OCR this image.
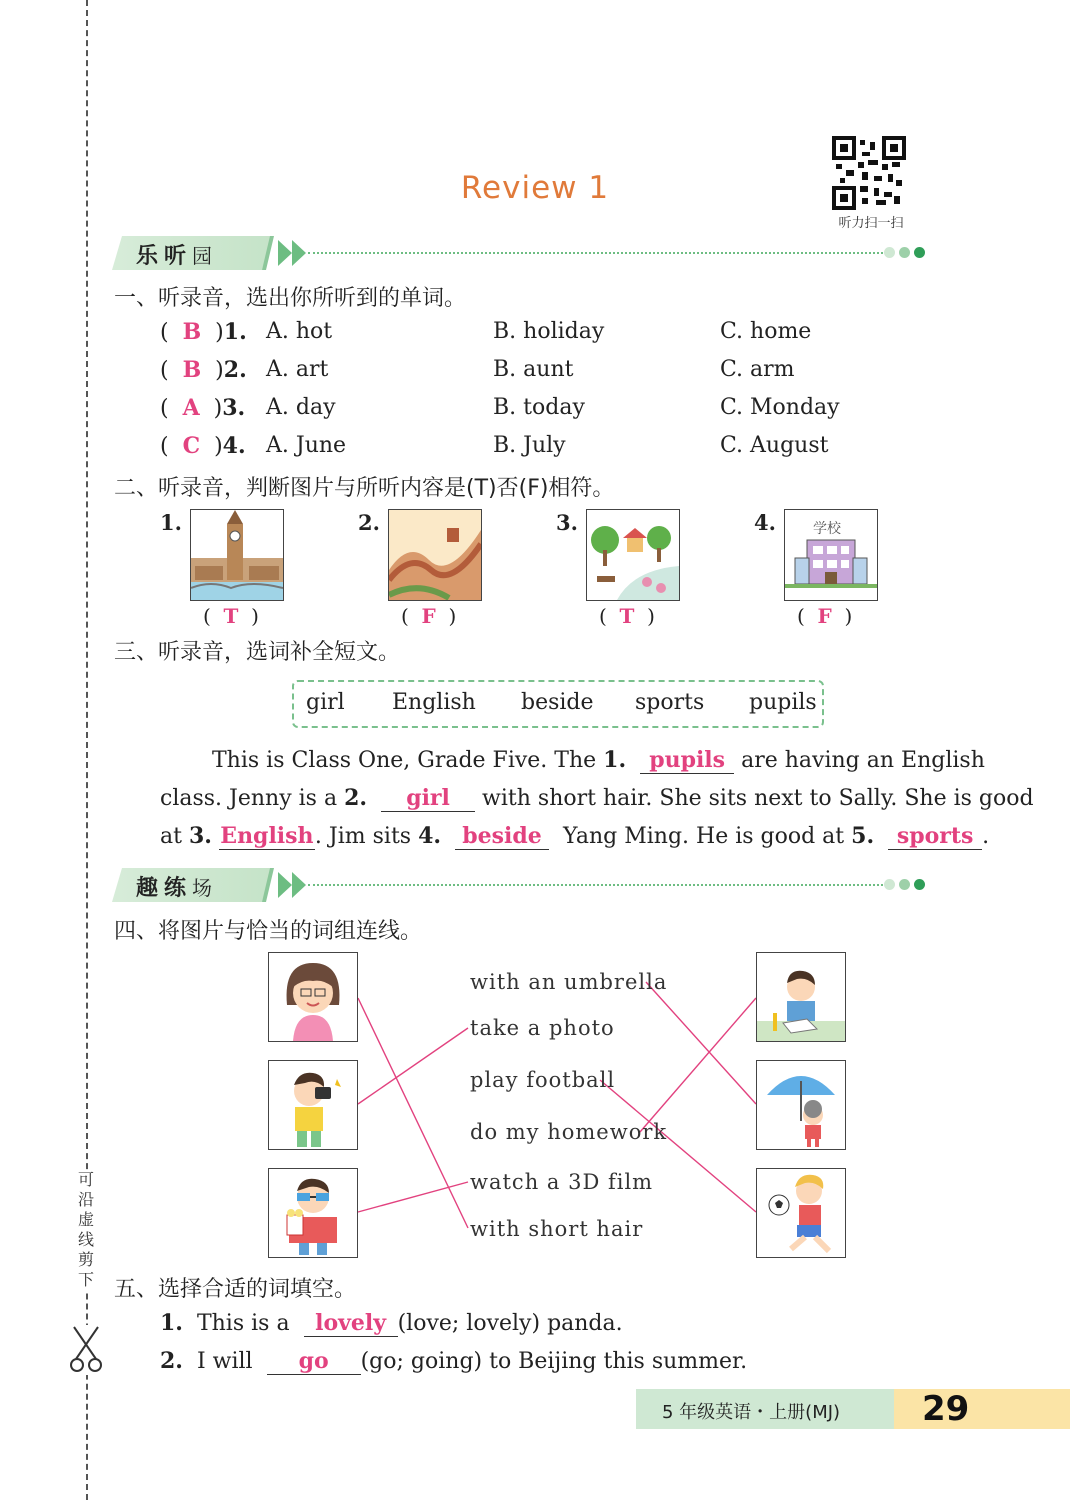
可
沿
虚
线
剪
下
Review 1
听力扫一扫
乐听园
一、听录音，选出你所听到的单词。
(  B  )1. A. hot	B. holiday	C. home
(  B  )2. A. art	B. aunt	C. arm
(  A  )3. A. day	B. today	C. Monday
(  C  )4. A. June	B. July	C. August
二、听录音，判断图片与所听内容是(T)否(F)相符。
1.
(  T  )
2.
(  F  )
3.
(  T  )
4.	学校
(  F  )
三、听录音，选词补全短文。
girl English beside sports pupils
This is Class One, Grade Five. The 1. pupils are having an English
class. Jenny is a 2. girl with short hair. She sits next to Sally. She is good
at 3. English. Jim sits 4. beside  Yang Ming. He is good at 5. sports .
趣练场
四、将图片与恰当的词组连线。
with an umbrella
take a photo
play football
do my homework
watch a 3D film
with short hair
五、选择合适的词填空。
1. This is a lovely (love; lovely) panda.
2. I will go (go; going) to Beijing this summer.
5 年级英语・上册(MJ) 29
